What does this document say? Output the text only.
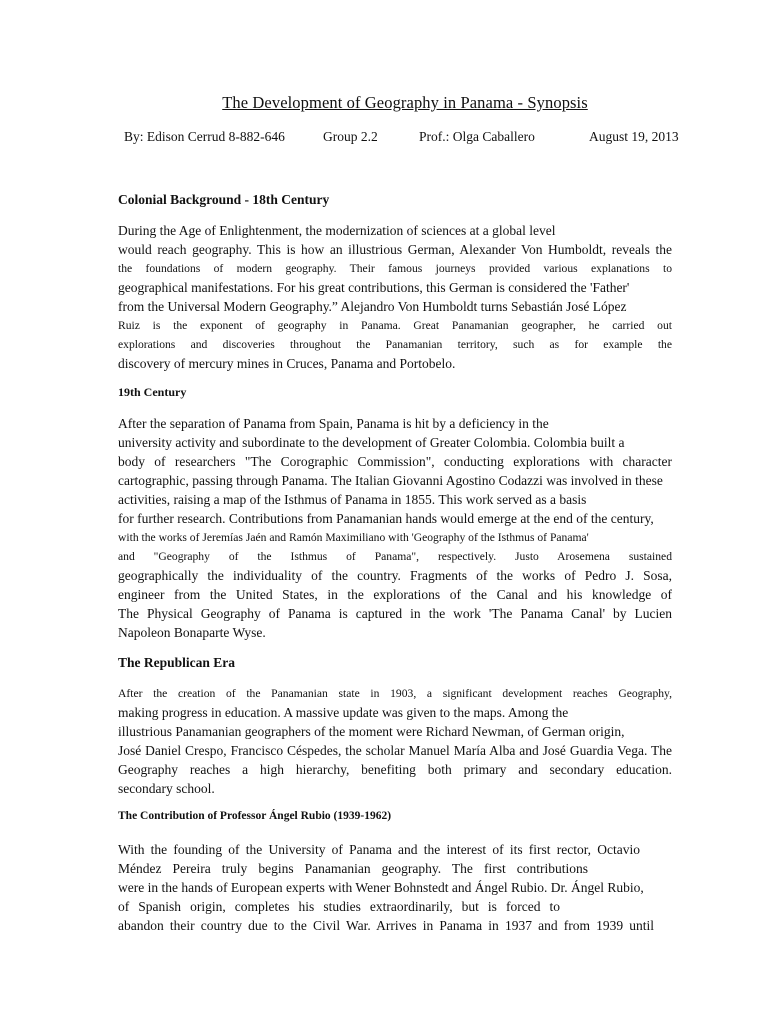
The Development of Geography in Panama - Synopsis
By: Edison Cerrud 8-882-646	Group 2.2	Prof.: Olga Caballero	August 19, 2013
Colonial Background - 18th Century
During the Age of Enlightenment, the modernization of sciences at a global level
would reach geography. This is how an illustrious German, Alexander Von Humboldt, reveals the
the foundations of modern geography. Their famous journeys provided various explanations to
geographical manifestations. For his great contributions, this German is considered the 'Father'
from the Universal Modern Geography.” Alejandro Von Humboldt turns Sebastián José López
Ruiz is the exponent of geography in Panama. Great Panamanian geographer, he carried out
explorations and discoveries throughout the Panamanian territory, such as for example the
discovery of mercury mines in Cruces, Panama and Portobelo.
19th Century
After the separation of Panama from Spain, Panama is hit by a deficiency in the
university activity and subordinate to the development of Greater Colombia. Colombia built a
body of researchers "The Corographic Commission", conducting explorations with character
cartographic, passing through Panama. The Italian Giovanni Agostino Codazzi was involved in these
activities, raising a map of the Isthmus of Panama in 1855. This work served as a basis
for further research. Contributions from Panamanian hands would emerge at the end of the century,
with the works of Jeremías Jaén and Ramón Maximiliano with 'Geography of the Isthmus of Panama'
and "Geography of the Isthmus of Panama", respectively. Justo Arosemena sustained
geographically the individuality of the country. Fragments of the works of Pedro J. Sosa,
engineer from the United States, in the explorations of the Canal and his knowledge of
The Physical Geography of Panama is captured in the work 'The Panama Canal' by Lucien
Napoleon Bonaparte Wyse.
The Republican Era
After the creation of the Panamanian state in 1903, a significant development reaches Geography,
making progress in education. A massive update was given to the maps. Among the
illustrious Panamanian geographers of the moment were Richard Newman, of German origin,
José Daniel Crespo, Francisco Céspedes, the scholar Manuel María Alba and José Guardia Vega. The
Geography reaches a high hierarchy, benefiting both primary and secondary education.
secondary school.
The Contribution of Professor Ángel Rubio (1939-1962)
With the founding of the University of Panama and the interest of its first rector, Octavio
Méndez Pereira truly begins Panamanian geography. The first contributions
were in the hands of European experts with Wener Bohnstedt and Ángel Rubio. Dr. Ángel Rubio,
of Spanish origin, completes his studies extraordinarily, but is forced to
abandon their country due to the Civil War. Arrives in Panama in 1937 and from 1939 until
